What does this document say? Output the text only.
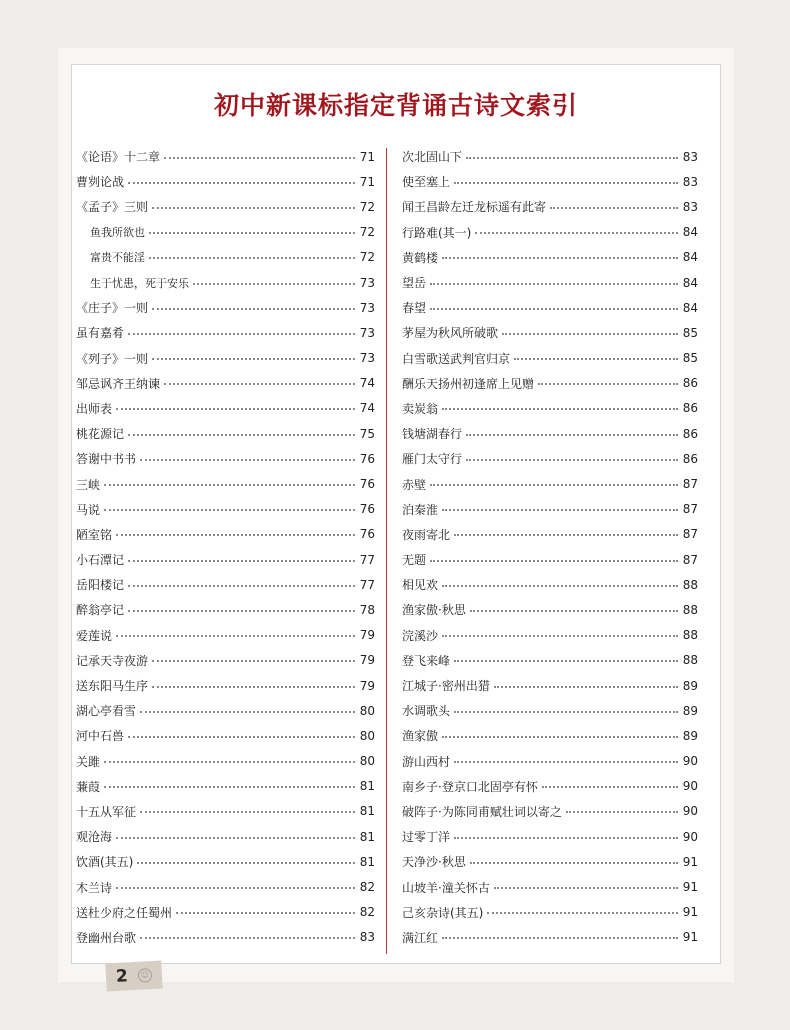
初中新课标指定背诵古诗文索引
《论语》十二章	71
曹刿论战	71
《孟子》三则	72
鱼我所欲也	72
富贵不能淫	72
生于忧患，死于安乐	73
《庄子》一则	73
虽有嘉肴	73
《列子》一则	73
邹忌讽齐王纳谏	74
出师表	74
桃花源记	75
答谢中书书	76
三峡	76
马说	76
陋室铭	76
小石潭记	77
岳阳楼记	77
醉翁亭记	78
爱莲说	79
记承天寺夜游	79
送东阳马生序	79
湖心亭看雪	80
河中石兽	80
关雎	80
蒹葭	81
十五从军征	81
观沧海	81
饮酒(其五)	81
木兰诗	82
送杜少府之任蜀州	82
登幽州台歌	83
次北固山下	83
使至塞上	83
闻王昌龄左迁龙标遥有此寄	83
行路难(其一)	84
黄鹤楼	84
望岳	84
春望	84
茅屋为秋风所破歌	85
白雪歌送武判官归京	85
酬乐天扬州初逢席上见赠	86
卖炭翁	86
钱塘湖春行	86
雁门太守行	86
赤壁	87
泊秦淮	87
夜雨寄北	87
无题	87
相见欢	88
渔家傲·秋思	88
浣溪沙	88
登飞来峰	88
江城子·密州出猎	89
水调歌头	89
渔家傲	89
游山西村	90
南乡子·登京口北固亭有怀	90
破阵子·为陈同甫赋壮词以寄之	90
过零丁洋	90
天净沙·秋思	91
山坡羊·潼关怀古	91
己亥杂诗(其五)	91
满江红	91
2	☺
